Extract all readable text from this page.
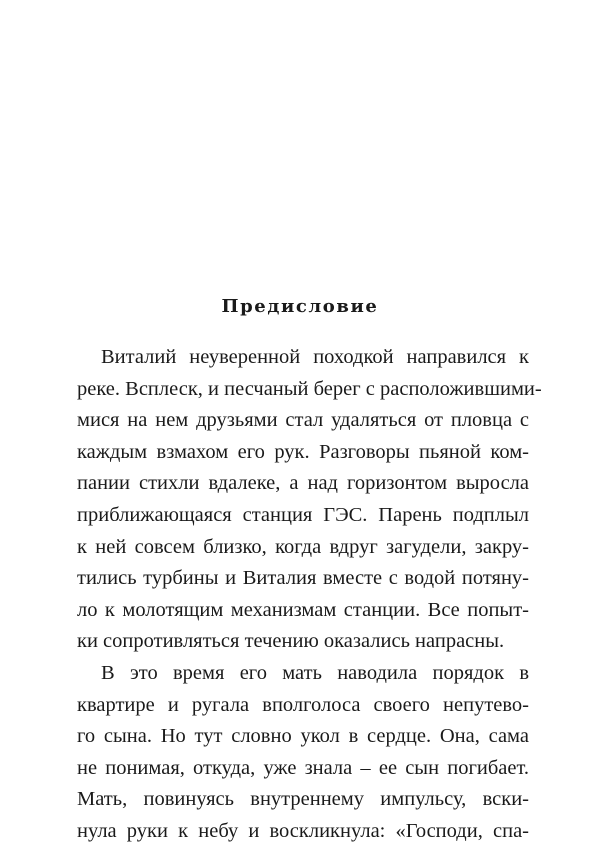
Предисловие
Виталий неуверенной походкой направился к
реке. Всплеск, и песчаный берег с расположившими-
мися на нем друзьями стал удаляться от пловца с
каждым взмахом его рук. Разговоры пьяной ком-
пании стихли вдалеке, а над горизонтом выросла
приближающаяся станция ГЭС. Парень подплыл
к ней совсем близко, когда вдруг загудели, закру-
тились турбины и Виталия вместе с водой потяну-
ло к молотящим механизмам станции. Все попыт-
ки сопротивляться течению оказались напрасны.
В это время его мать наводила порядок в
квартире и ругала вполголоса своего непутево-
го сына. Но тут словно укол в сердце. Она, сама
не понимая, откуда, уже знала – ее сын погибает.
Мать, повинуясь внутреннему импульсу, вски-
нула руки к небу и воскликнула: «Господи, спа-
